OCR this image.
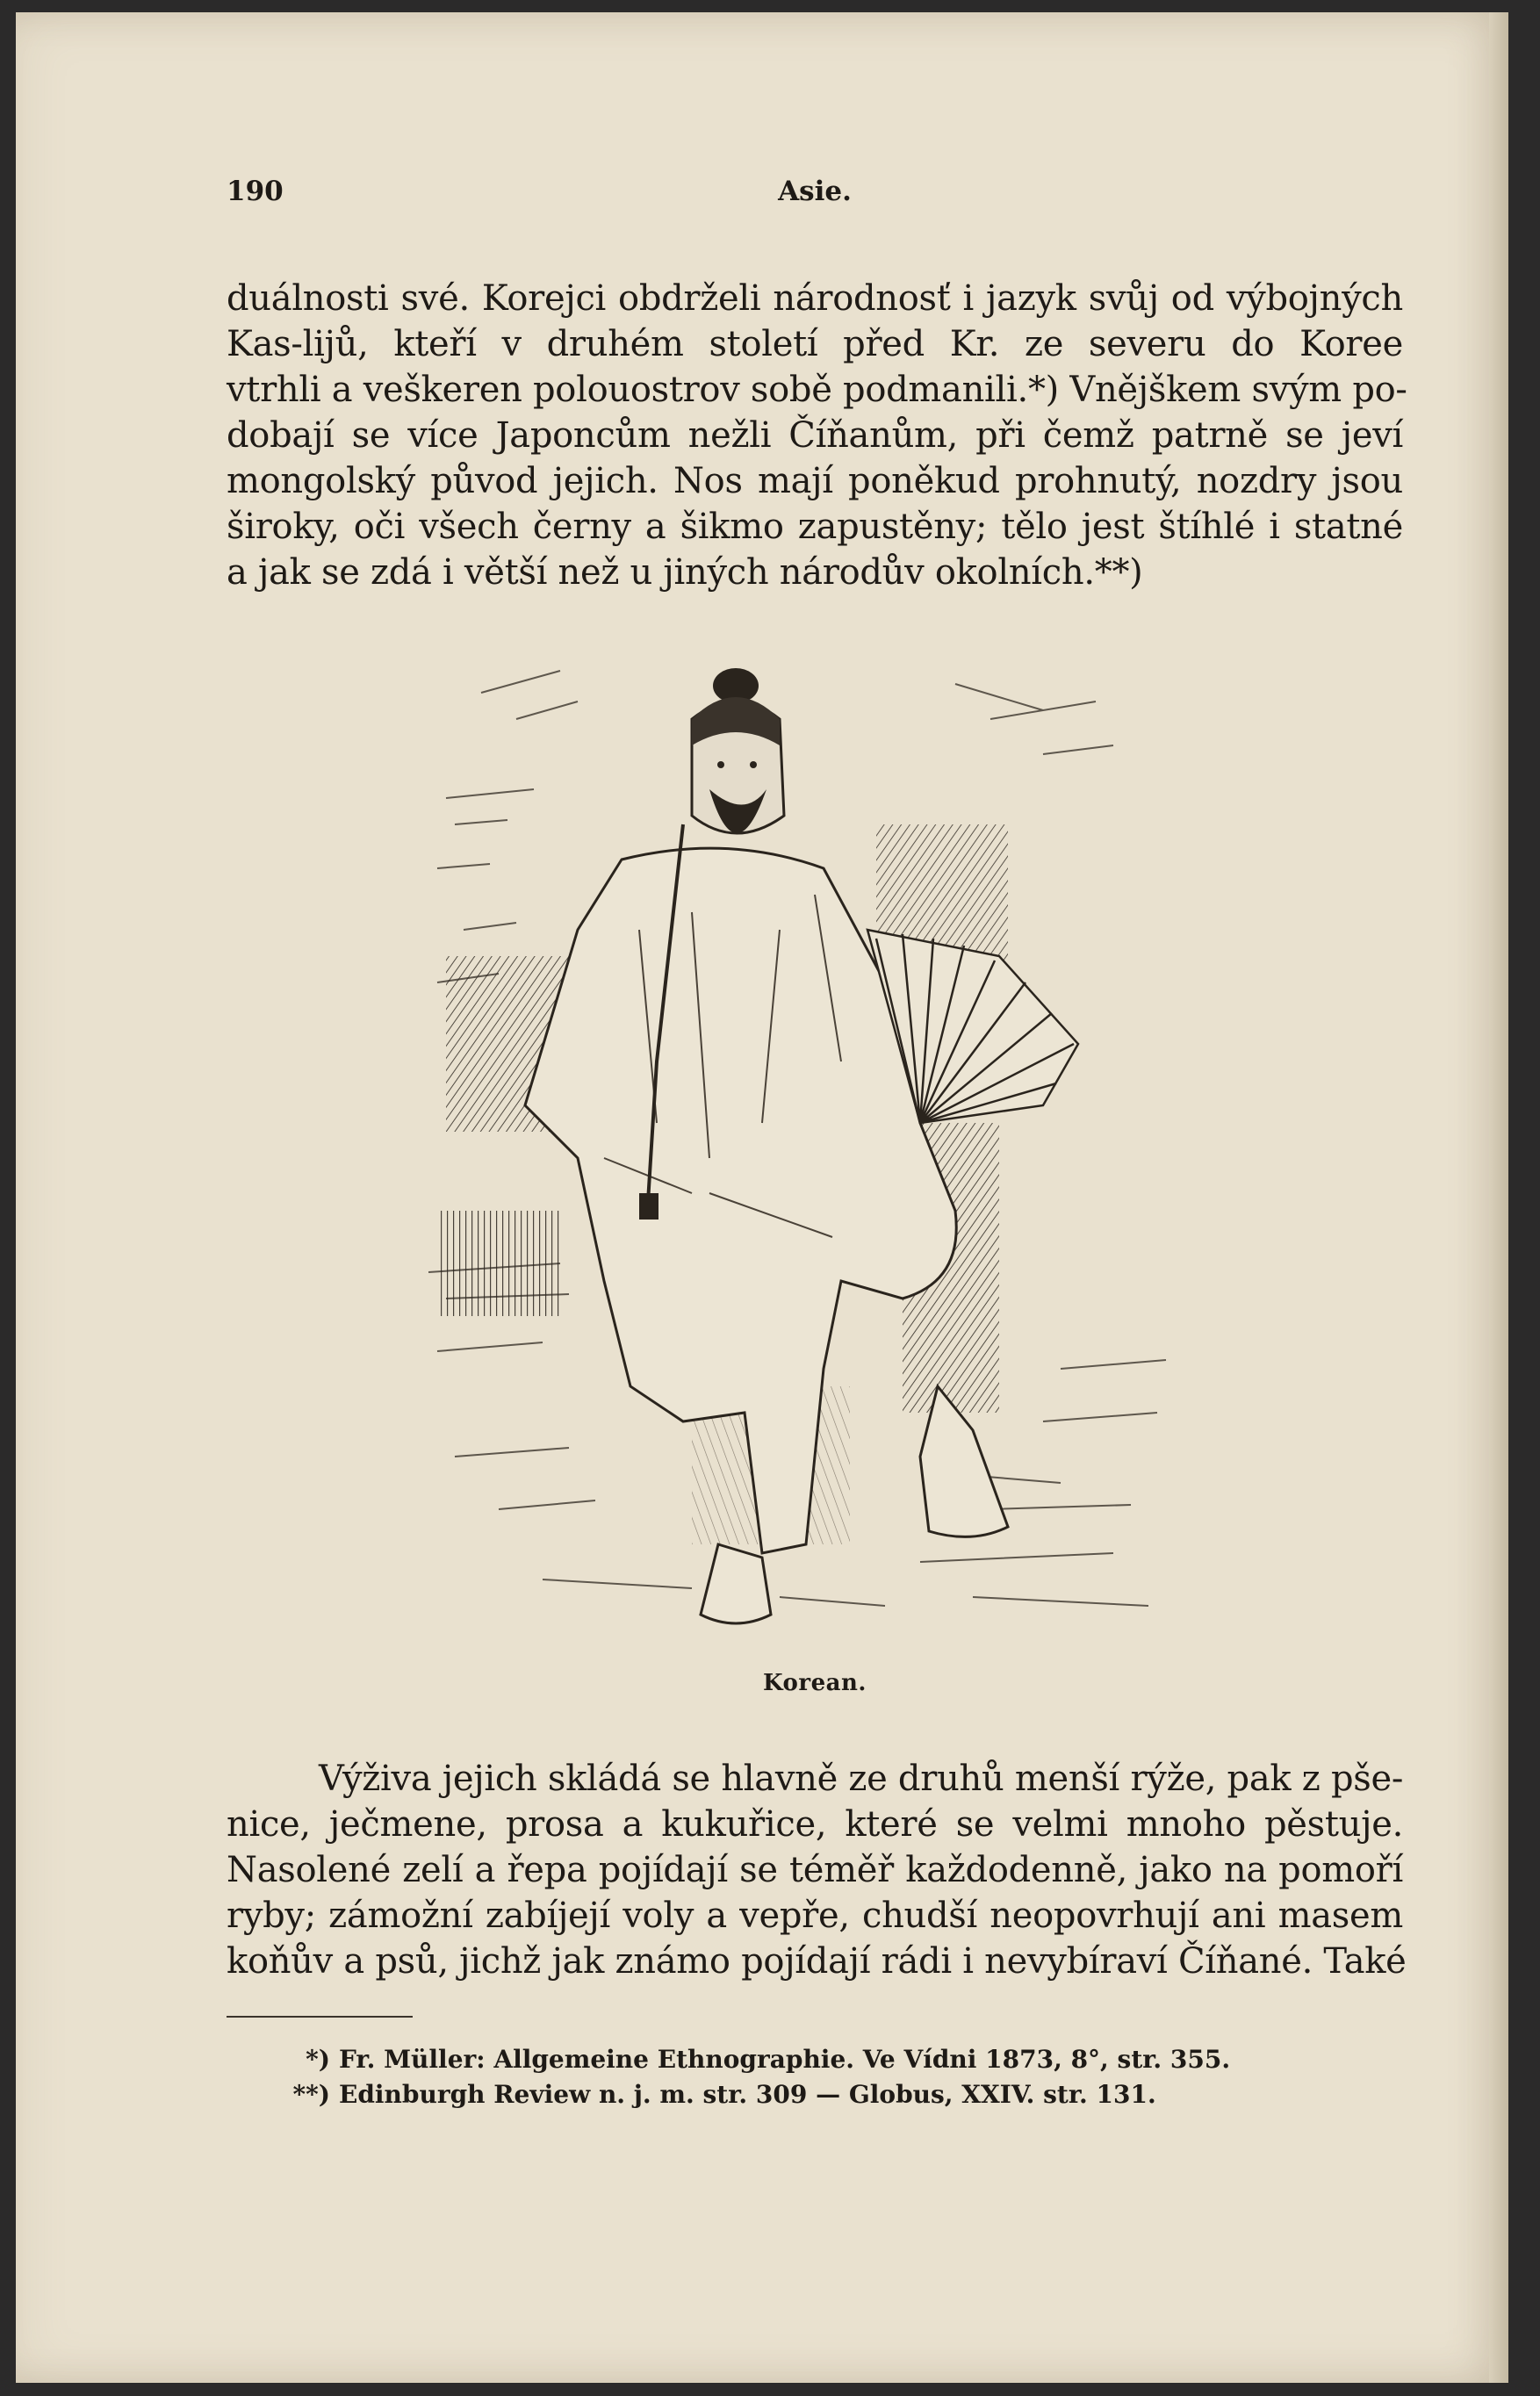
Asie.
190
duálnosti své. Korejci obdrželi národnosť i jazyk svůj od výbojných
Kas-lijů, kteří v druhém století před Kr. ze severu do Koree
vtrhli a veškeren polouostrov sobě podmanili.*) Vnějškem svým po-
dobají se více Japoncům nežli Číňanům, při čemž patrně se jeví
mongolský původ jejich. Nos mají poněkud prohnutý, nozdry jsou
široky, oči všech černy a šikmo zapustěny; tělo jest štíhlé i statné
a jak se zdá i větší než u jiných národův okolních.**)
Korean.
Výživa jejich skládá se hlavně ze druhů menší rýže, pak z pše-
nice, ječmene, prosa a kukuřice, které se velmi mnoho pěstuje.
Nasolené zelí a řepa pojídají se téměř každodenně, jako na pomoří
ryby; zámožní zabíjejí voly a vepře, chudší neopovrhují ani masem
koňův a psů, jichž jak známo pojídají rádi i nevybíraví Číňané. Také
*) Fr. Müller: Allgemeine Ethnographie. Ve Vídni 1873, 8°, str. 355.
**) Edinburgh Review n. j. m. str. 309 — Globus, XXIV. str. 131.
